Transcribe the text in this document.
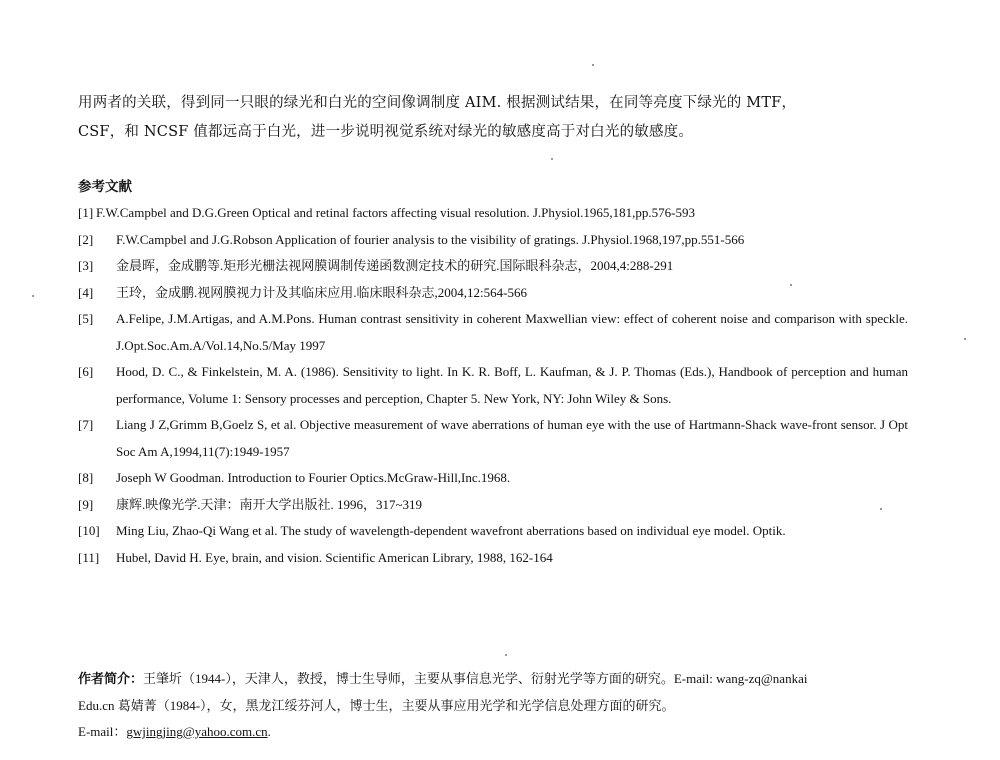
用两者的关联，得到同一只眼的绿光和白光的空间像调制度 AIM. 根据测试结果，在同等亮度下绿光的 MTF，

CSF，和 NCSF 值都远高于白光，进一步说明视觉系统对绿光的敏感度高于对白光的敏感度。

参考文献
[1] F.W.Campbel and D.G.Green Optical and retinal factors affecting visual resolution. J.Physiol.1965,181,pp.576-593
[2] F.W.Campbel and J.G.Robson Application of fourier analysis to the visibility of gratings. J.Physiol.1968,197,pp.551-566
[3] 金晨晖，金成鹏等.矩形光栅法视网膜调制传递函数测定技术的研究.国际眼科杂志，2004,4:288-291
[4] 王玲，金成鹏.视网膜视力计及其临床应用.临床眼科杂志,2004,12:564-566
[5] A.Felipe, J.M.Artigas, and A.M.Pons. Human contrast sensitivity in coherent Maxwellian view: effect of coherent noise and comparison with speckle. J.Opt.Soc.Am.A/Vol.14,No.5/May 1997
[6] Hood, D. C., & Finkelstein, M. A. (1986). Sensitivity to light. In K. R. Boff, L. Kaufman, & J. P. Thomas (Eds.), Handbook of perception and human performance, Volume 1: Sensory processes and perception, Chapter 5. New York, NY: John Wiley & Sons.
[7] Liang J Z,Grimm B,Goelz S, et al. Objective measurement of wave aberrations of human eye with the use of Hartmann-Shack wave-front sensor. J Opt Soc Am A,1994,11(7):1949-1957
[8] Joseph W Goodman. Introduction to Fourier Optics.McGraw-Hill,Inc.1968.
[9] 康辉.映像光学.天津：南开大学出版社. 1996，317~319
[10] Ming Liu, Zhao-Qi Wang et al. The study of wavelength-dependent wavefront aberrations based on individual eye model. Optik.
[11] Hubel, David H. Eye, brain, and vision. Scientific American Library, 1988, 162-164

作者简介：王肇圻（1944-），天津人，教授，博士生导师，主要从事信息光学、衍射光学等方面的研究。E-mail: wang-zq@nankai

Edu.cn 葛婧菁（1984-），女，黑龙江绥芬河人，博士生，主要从事应用光学和光学信息处理方面的研究。

E-mail：gwjingjing@yahoo.com.cn.
